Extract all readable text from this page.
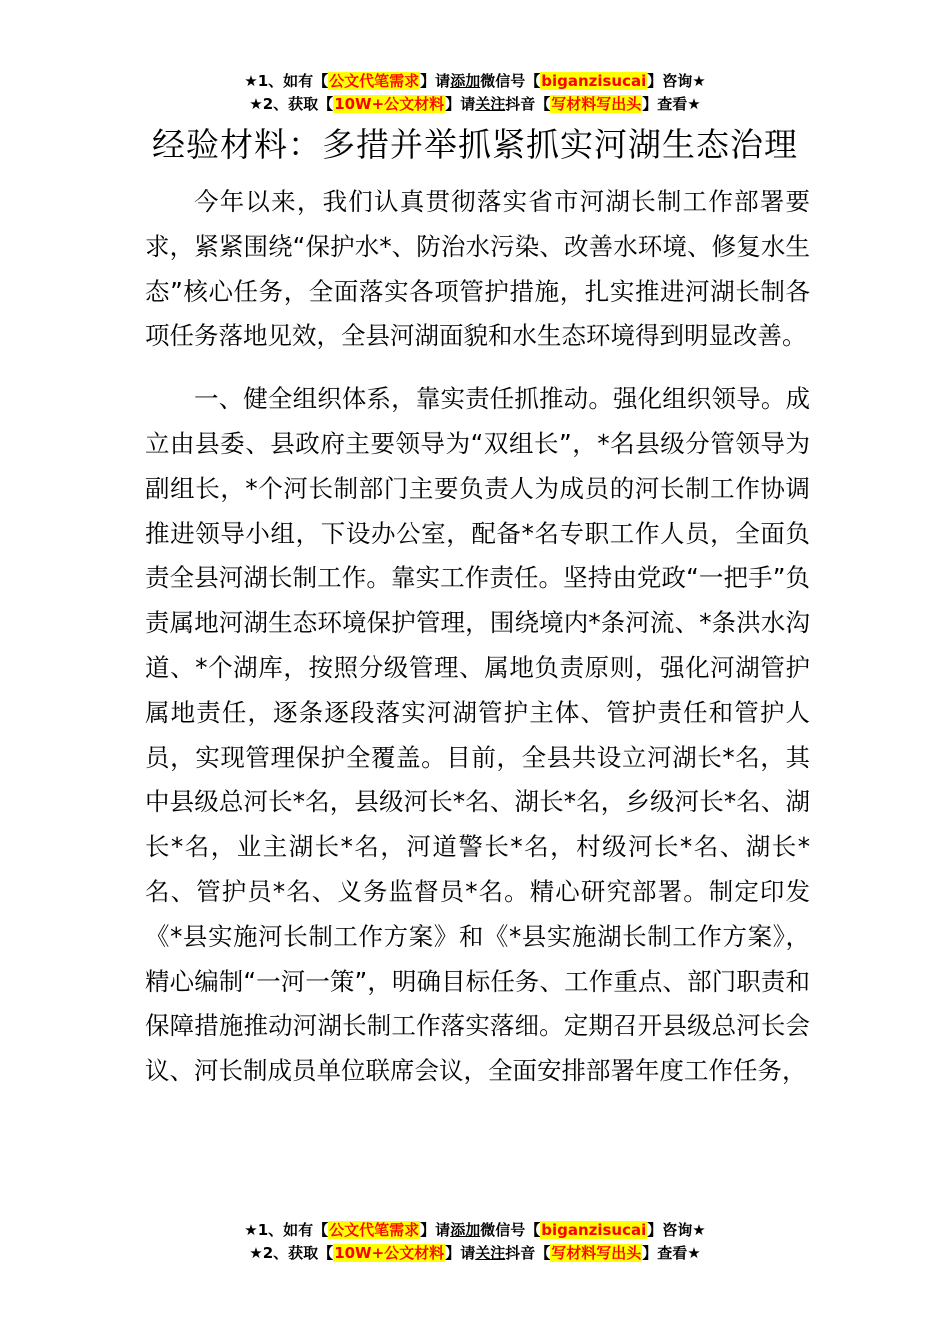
★1、如有【公文代笔需求】请添加微信号【biganzisucai】咨询★
★2、获取【10W+公文材料】请关注抖音【写材料写出头】查看★
经验材料：多措并举抓紧抓实河湖生态治理

今年以来，我们认真贯彻落实省市河湖长制工作部署要求，紧紧围绕“保护水*、防治水污染、改善水环境、修复水生态”核心任务，全面落实各项管护措施，扎实推进河湖长制各项任务落地见效，全县河湖面貌和水生态环境得到明显改善。

一、健全组织体系，靠实责任抓推动。强化组织领导。成立由县委、县政府主要领导为“双组长”，*名县级分管领导为副组长，*个河长制部门主要负责人为成员的河长制工作协调推进领导小组，下设办公室，配备*名专职工作人员，全面负责全县河湖长制工作。靠实工作责任。坚持由党政“一把手”负责属地河湖生态环境保护管理，围绕境内*条河流、*条洪水沟道、*个湖库，按照分级管理、属地负责原则，强化河湖管护属地责任，逐条逐段落实河湖管护主体、管护责任和管护人员，实现管理保护全覆盖。目前，全县共设立河湖长*名，其中县级总河长*名，县级河长*名、湖长*名，乡级河长*名、湖长*名，业主湖长*名，河道警长*名，村级河长*名、湖长*名、管护员*名、义务监督员*名。精心研究部署。制定印发《*县实施河长制工作方案》和《*县实施湖长制工作方案》，精心编制“一河一策”，明确目标任务、工作重点、部门职责和保障措施推动河湖长制工作落实落细。定期召开县级总河长会议、河长制成员单位联席会议，全面安排部署年度工作任务，

★1、如有【公文代笔需求】请添加微信号【biganzisucai】咨询★
★2、获取【10W+公文材料】请关注抖音【写材料写出头】查看★
